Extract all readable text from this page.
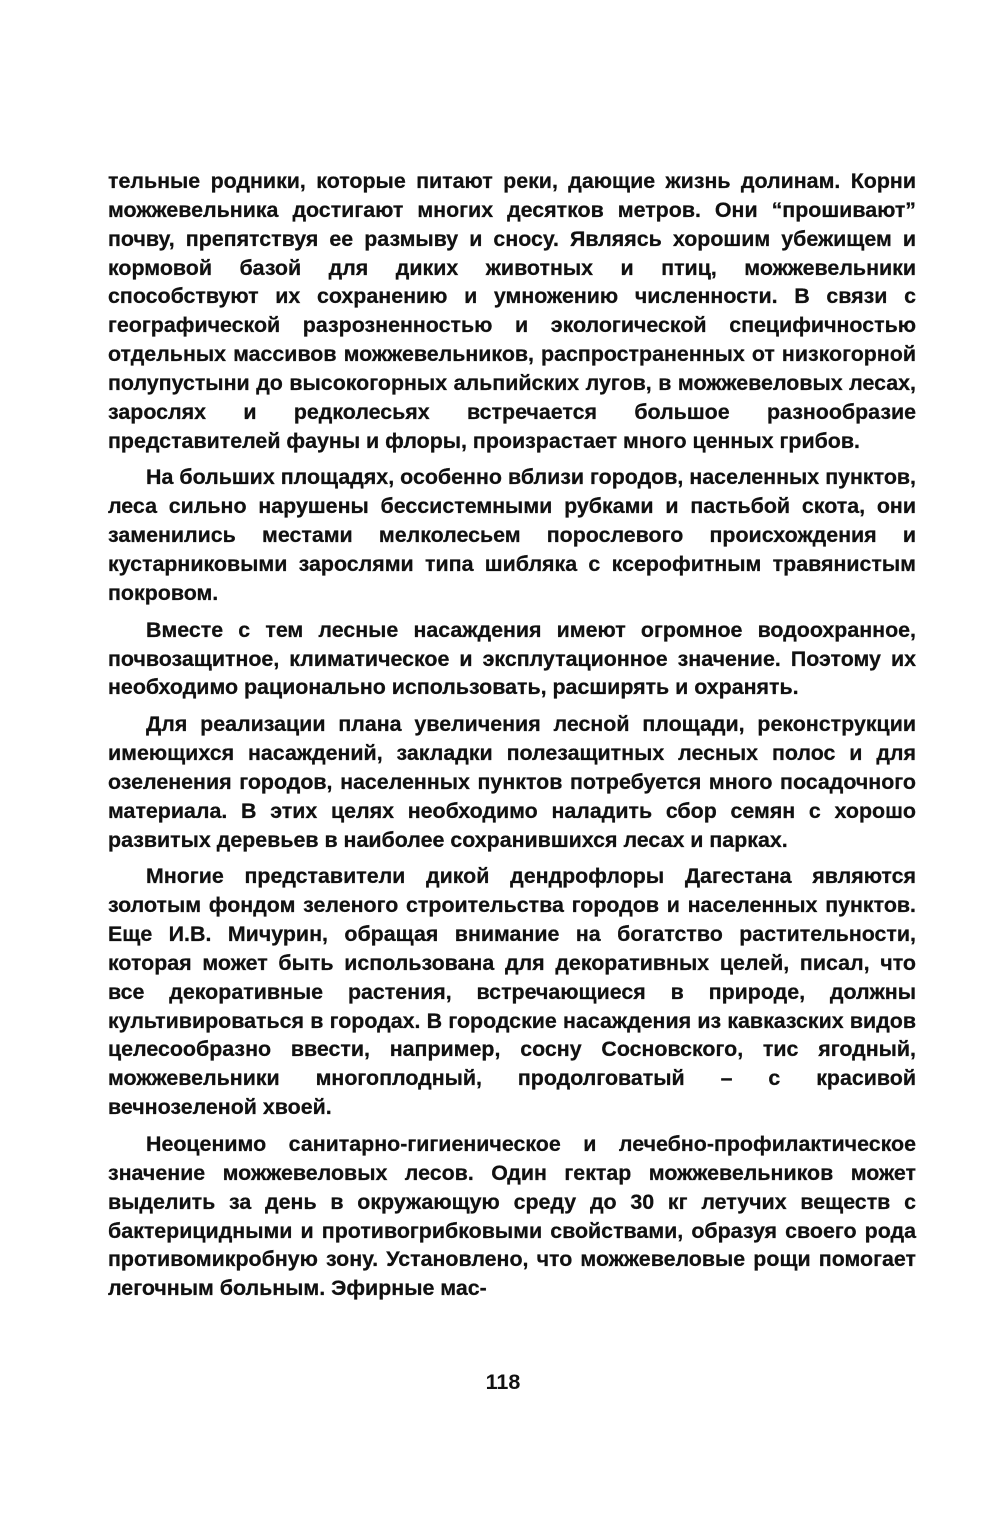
тельные родники, которые питают реки, дающие жизнь долинам. Корни можжевельника достигают многих десятков метров. Они “прошивают” почву, препятствуя ее размыву и сносу. Являясь хорошим убежищем и кормовой базой для диких животных и птиц, можжевельники способствуют их сохранению и умножению численности. В связи с географической разрозненностью и экологической специфичностью отдельных массивов можжевельников, распространенных от низкогорной полупустыни до высокогорных альпийских лугов, в можжевеловых лесах, зарослях и редколесьях встречается большое разнообразие представителей фауны и флоры, произрастает много ценных грибов.

На больших площадях, особенно вблизи городов, населенных пунктов, леса сильно нарушены бессистемными рубками и пастьбой скота, они заменились местами мелколесьем порослевого происхождения и кустарниковыми зарослями типа шибляка с ксерофитным травянистым покровом.

Вместе с тем лесные насаждения имеют огромное водоохранное, почвозащитное, климатическое и эксплутационное значение. Поэтому их необходимо рационально использовать, расширять и охранять.

Для реализации плана увеличения лесной площади, реконструкции имеющихся насаждений, закладки полезащитных лесных полос и для озеленения городов, населенных пунктов потребуется много посадочного материала. В этих целях необходимо наладить сбор семян с хорошо развитых деревьев в наиболее сохранившихся лесах и парках.

Многие представители дикой дендрофлоры Дагестана являются золотым фондом зеленого строительства городов и населенных пунктов. Еще И.В. Мичурин, обращая внимание на богатство растительности, которая может быть использована для декоративных целей, писал, что все декоративные растения, встречающиеся в природе, должны культивироваться в городах. В городские насаждения из кавказских видов целесообразно ввести, например, сосну Сосновского, тис ягодный, можжевельники многоплодный, продолговатый – с красивой вечнозеленой хвоей.

Неоценимо санитарно-гигиеническое и лечебно-профилактическое значение можжевеловых лесов. Один гектар можжевельников может выделить за день в окружающую среду до 30 кг летучих веществ с бактерицидными и противогрибковыми свойствами, образуя своего рода противомикробную зону. Установлено, что можжевеловые рощи помогает легочным больным. Эфирные мас-

118
